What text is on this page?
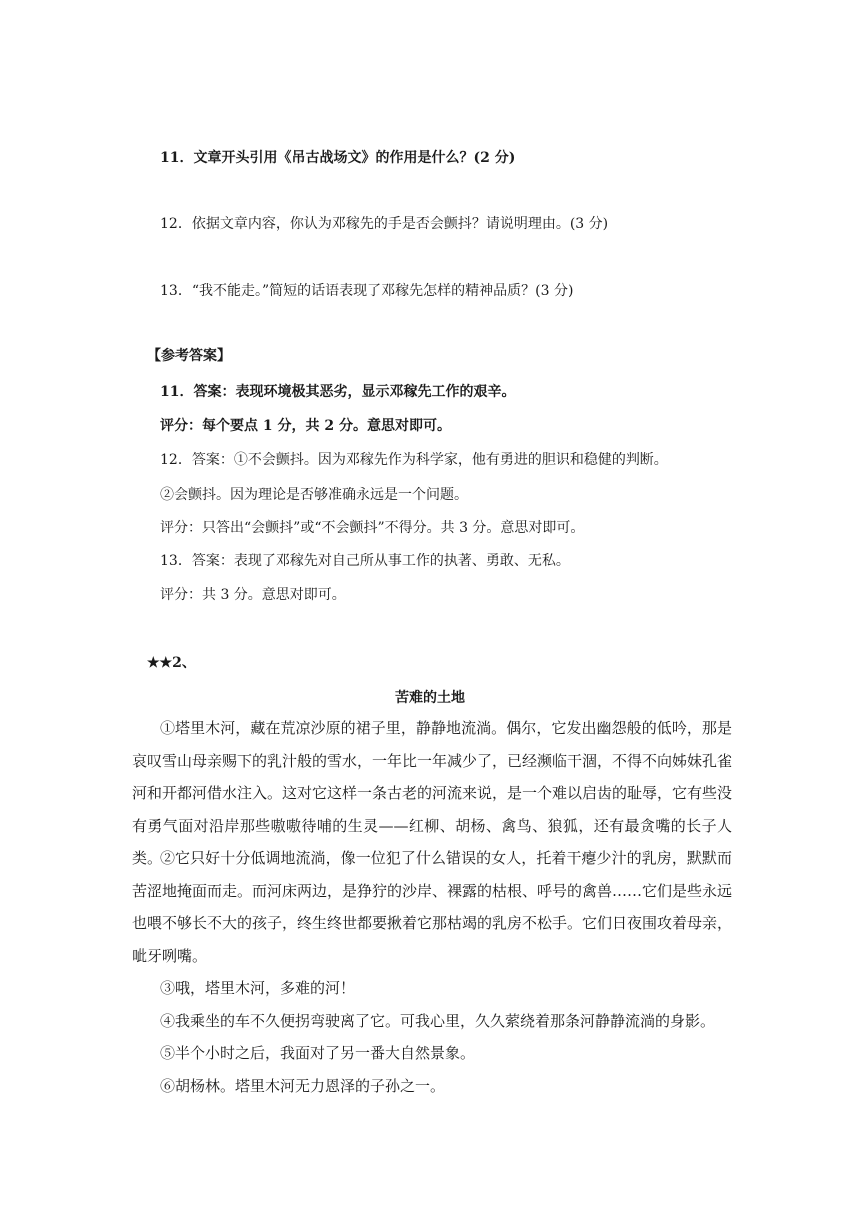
11．文章开头引用《吊古战场文》的作用是什么？(2 分)
12．依据文章内容，你认为邓稼先的手是否会颤抖？请说明理由。(3 分)
13．“我不能走。”简短的话语表现了邓稼先怎样的精神品质？(3 分)
【参考答案】
11．答案：表现环境极其恶劣，显示邓稼先工作的艰辛。
评分：每个要点 1 分，共 2 分。意思对即可。
12．答案：①不会颤抖。因为邓稼先作为科学家，他有勇进的胆识和稳健的判断。
②会颤抖。因为理论是否够准确永远是一个问题。
评分：只答出“会颤抖”或“不会颤抖”不得分。共 3 分。意思对即可。
13．答案：表现了邓稼先对自己所从事工作的执著、勇敢、无私。
评分：共 3 分。意思对即可。
★★2、
苦难的土地
①塔里木河，藏在荒凉沙原的裙子里，静静地流淌。偶尔，它发出幽怨般的低吟，那是哀叹雪山母亲赐下的乳汁般的雪水，一年比一年减少了，已经濒临干涸，不得不向姊妹孔雀河和开都河借水注入。这对它这样一条古老的河流来说，是一个难以启齿的耻辱，它有些没有勇气面对沿岸那些嗷嗷待哺的生灵——红柳、胡杨、禽鸟、狼狐，还有最贪嘴的长子人类。
②它只好十分低调地流淌，像一位犯了什么错误的女人，托着干瘪少汁的乳房，默默而苦涩地掩面而走。而河床两边，是狰狞的沙岸、裸露的枯根、呼号的禽兽……它们是些永远也喂不够长不大的孩子，终生终世都要揪着它那枯竭的乳房不松手。它们日夜围攻着母亲，呲牙咧嘴。
③哦，塔里木河，多难的河！
④我乘坐的车不久便拐弯驶离了它。可我心里，久久萦绕着那条河静静流淌的身影。
⑤半个小时之后，我面对了另一番大自然景象。
⑥胡杨林。塔里木河无力恩泽的子孙之一。
